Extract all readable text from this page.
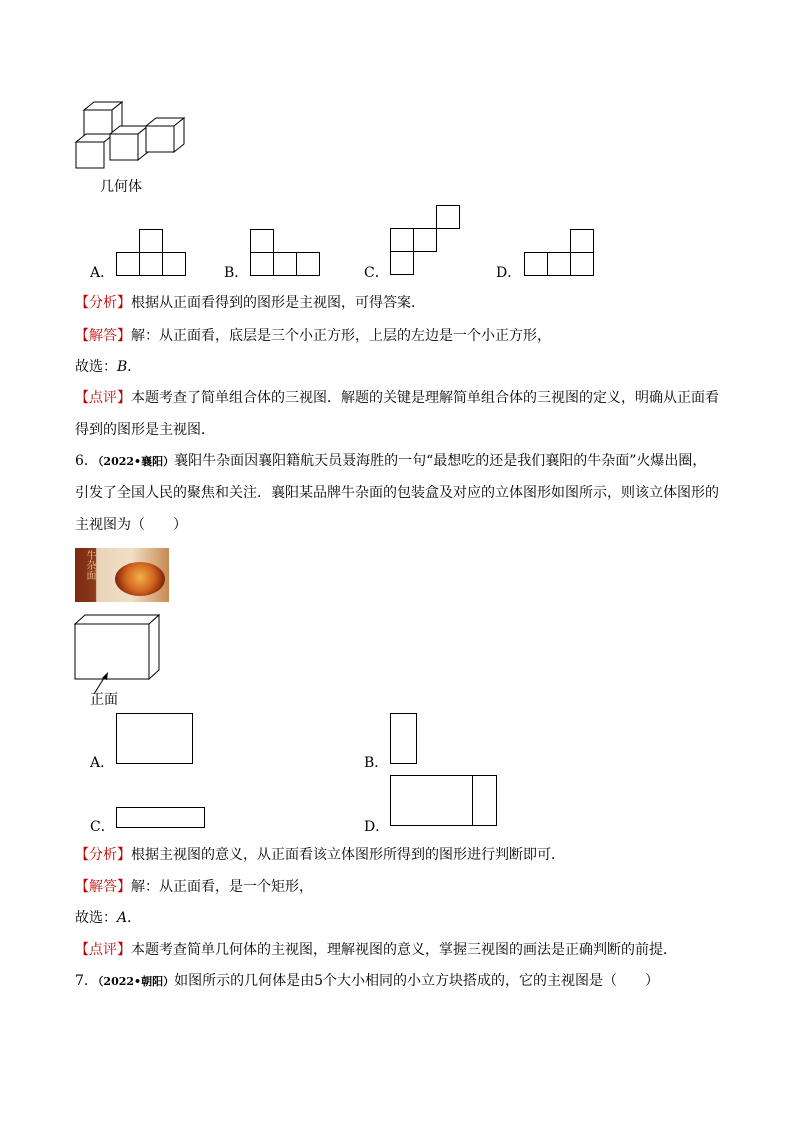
几何体
A．	B．	C．	D．
【分析】根据从正面看得到的图形是主视图，可得答案．
【解答】解：从正面看，底层是三个小正方形，上层的左边是一个小正方形，
故选：B．
【点评】本题考查了简单组合体的三视图．解题的关键是理解简单组合体的三视图的定义，明确从正面看
得到的图形是主视图．
6．（2022•襄阳）襄阳牛杂面因襄阳籍航天员聂海胜的一句“最想吃的还是我们襄阳的牛杂面”火爆出圈，
引发了全国人民的聚焦和关注．襄阳某品牌牛杂面的包装盒及对应的立体图形如图所示，则该立体图形的
主视图为（　　）
牛杂面
正面
A．	B．
C．	D．
【分析】根据主视图的意义，从正面看该立体图形所得到的图形进行判断即可．
【解答】解：从正面看，是一个矩形，
故选：A．
【点评】本题考查简单几何体的主视图，理解视图的意义，掌握三视图的画法是正确判断的前提．
7．（2022•朝阳）如图所示的几何体是由5个大小相同的小立方块搭成的，它的主视图是（　　）
